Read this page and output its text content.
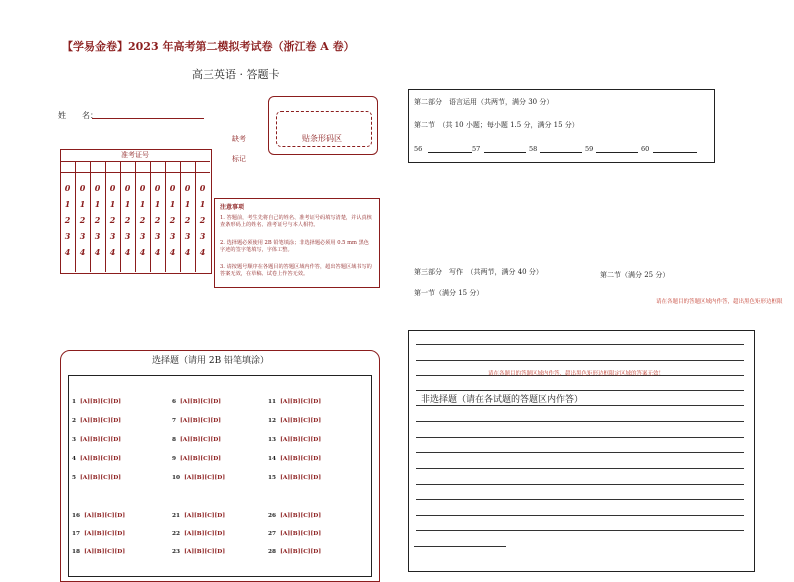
【学易金卷】2023 年高考第二模拟考试卷（浙江卷 A 卷）
高三英语 · 答题卡
姓　　名：
缺考标记
贴条形码区
准考证号
0	0	0	0	0	0	0	0	0	0
1	1	1	1	1	1	1	1	1	1
2	2	2	2	2	2	2	2	2	2
3	3	3	3	3	3	3	3	3	3
4	4	4	4	4	4	4	4	4	4
注意事项
1. 答题前，考生先将自己的姓名、准考证号码填写清楚，并认真核查条形码上的姓名、准考证号与本人相符。
2. 选择题必须使用 2B 铅笔填涂；非选择题必须用 0.5 mm 黑色字迹的签字笔填写，字体工整。
3. 请按题号顺序在各题目的答题区域内作答，超出答题区域书写的答案无效，在草稿、试卷上作答无效。
第二部分　语言运用（共两节，满分 30 分）
第二节　（共 10 小题；每小题 1.5 分，满分 15 分）
56	57	58	59	60
第三部分　写作　（共两节，满分 40 分）	第二节（满分 25 分）
第一节（满分 15 分）
请在各题目的答题区域内作答，超出黑色矩形边框限
选择题（请用 2B 铅笔填涂）
1 [A][B][C][D]
2 [A][B][C][D]
3 [A][B][C][D]
4 [A][B][C][D]
5 [A][B][C][D]
6 [A][B][C][D]
7 [A][B][C][D]
8 [A][B][C][D]
9 [A][B][C][D]
10 [A][B][C][D]
11 [A][B][C][D]
12 [A][B][C][D]
13 [A][B][C][D]
14 [A][B][C][D]
15 [A][B][C][D]
16 [A][B][C][D]
17 [A][B][C][D]
18 [A][B][C][D]
21 [A][B][C][D]
22 [A][B][C][D]
23 [A][B][C][D]
26 [A][B][C][D]
27 [A][B][C][D]
28 [A][B][C][D]
请在各题目的答题区域内作答，超出黑色矩形边框限定区域的答案无效！
非选择题（请在各试题的答题区内作答）
